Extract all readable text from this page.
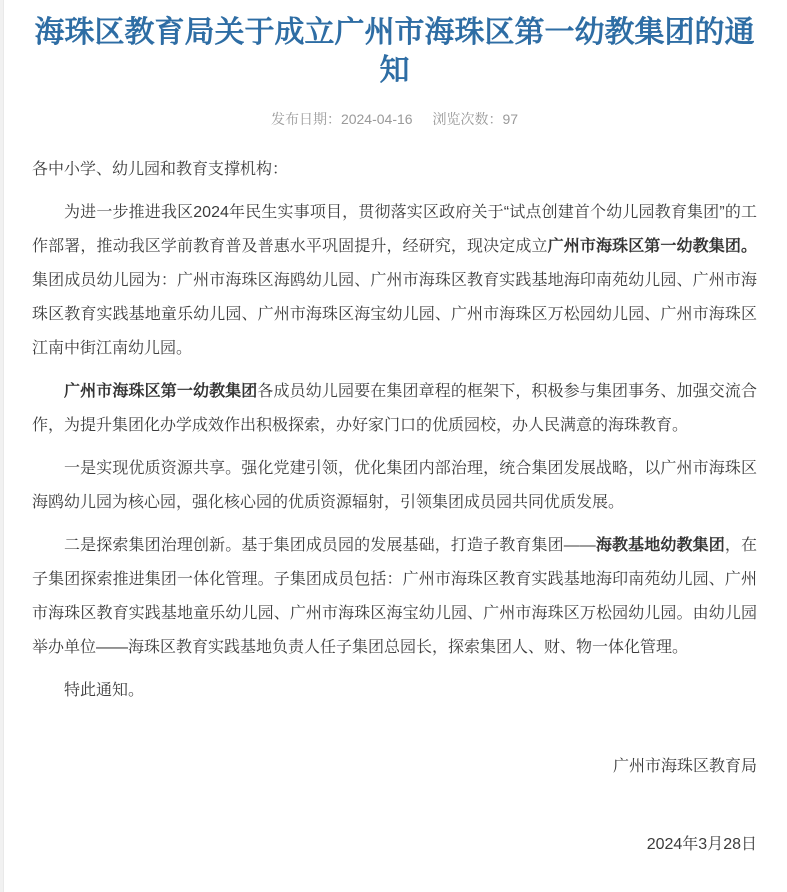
海珠区教育局关于成立广州市海珠区第一幼教集团的通知
发布日期：2024-04-16 浏览次数：97

各中小学、幼儿园和教育支撑机构：

为进一步推进我区2024年民生实事项目，贯彻落实区政府关于“试点创建首个幼儿园教育集团”的工作部署，推动我区学前教育普及普惠水平巩固提升，经研究，现决定成立广州市海珠区第一幼教集团。集团成员幼儿园为：广州市海珠区海鸥幼儿园、广州市海珠区教育实践基地海印南苑幼儿园、广州市海珠区教育实践基地童乐幼儿园、广州市海珠区海宝幼儿园、广州市海珠区万松园幼儿园、广州市海珠区江南中街江南幼儿园。

广州市海珠区第一幼教集团各成员幼儿园要在集团章程的框架下，积极参与集团事务、加强交流合作，为提升集团化办学成效作出积极探索，办好家门口的优质园校，办人民满意的海珠教育。

一是实现优质资源共享。强化党建引领，优化集团内部治理，统合集团发展战略，以广州市海珠区海鸥幼儿园为核心园，强化核心园的优质资源辐射，引领集团成员园共同优质发展。

二是探索集团治理创新。基于集团成员园的发展基础，打造子教育集团——海教基地幼教集团，在子集团探索推进集团一体化管理。子集团成员包括：广州市海珠区教育实践基地海印南苑幼儿园、广州市海珠区教育实践基地童乐幼儿园、广州市海珠区海宝幼儿园、广州市海珠区万松园幼儿园。由幼儿园举办单位——海珠区教育实践基地负责人任子集团总园长，探索集团人、财、物一体化管理。

特此通知。

广州市海珠区教育局

2024年3月28日
